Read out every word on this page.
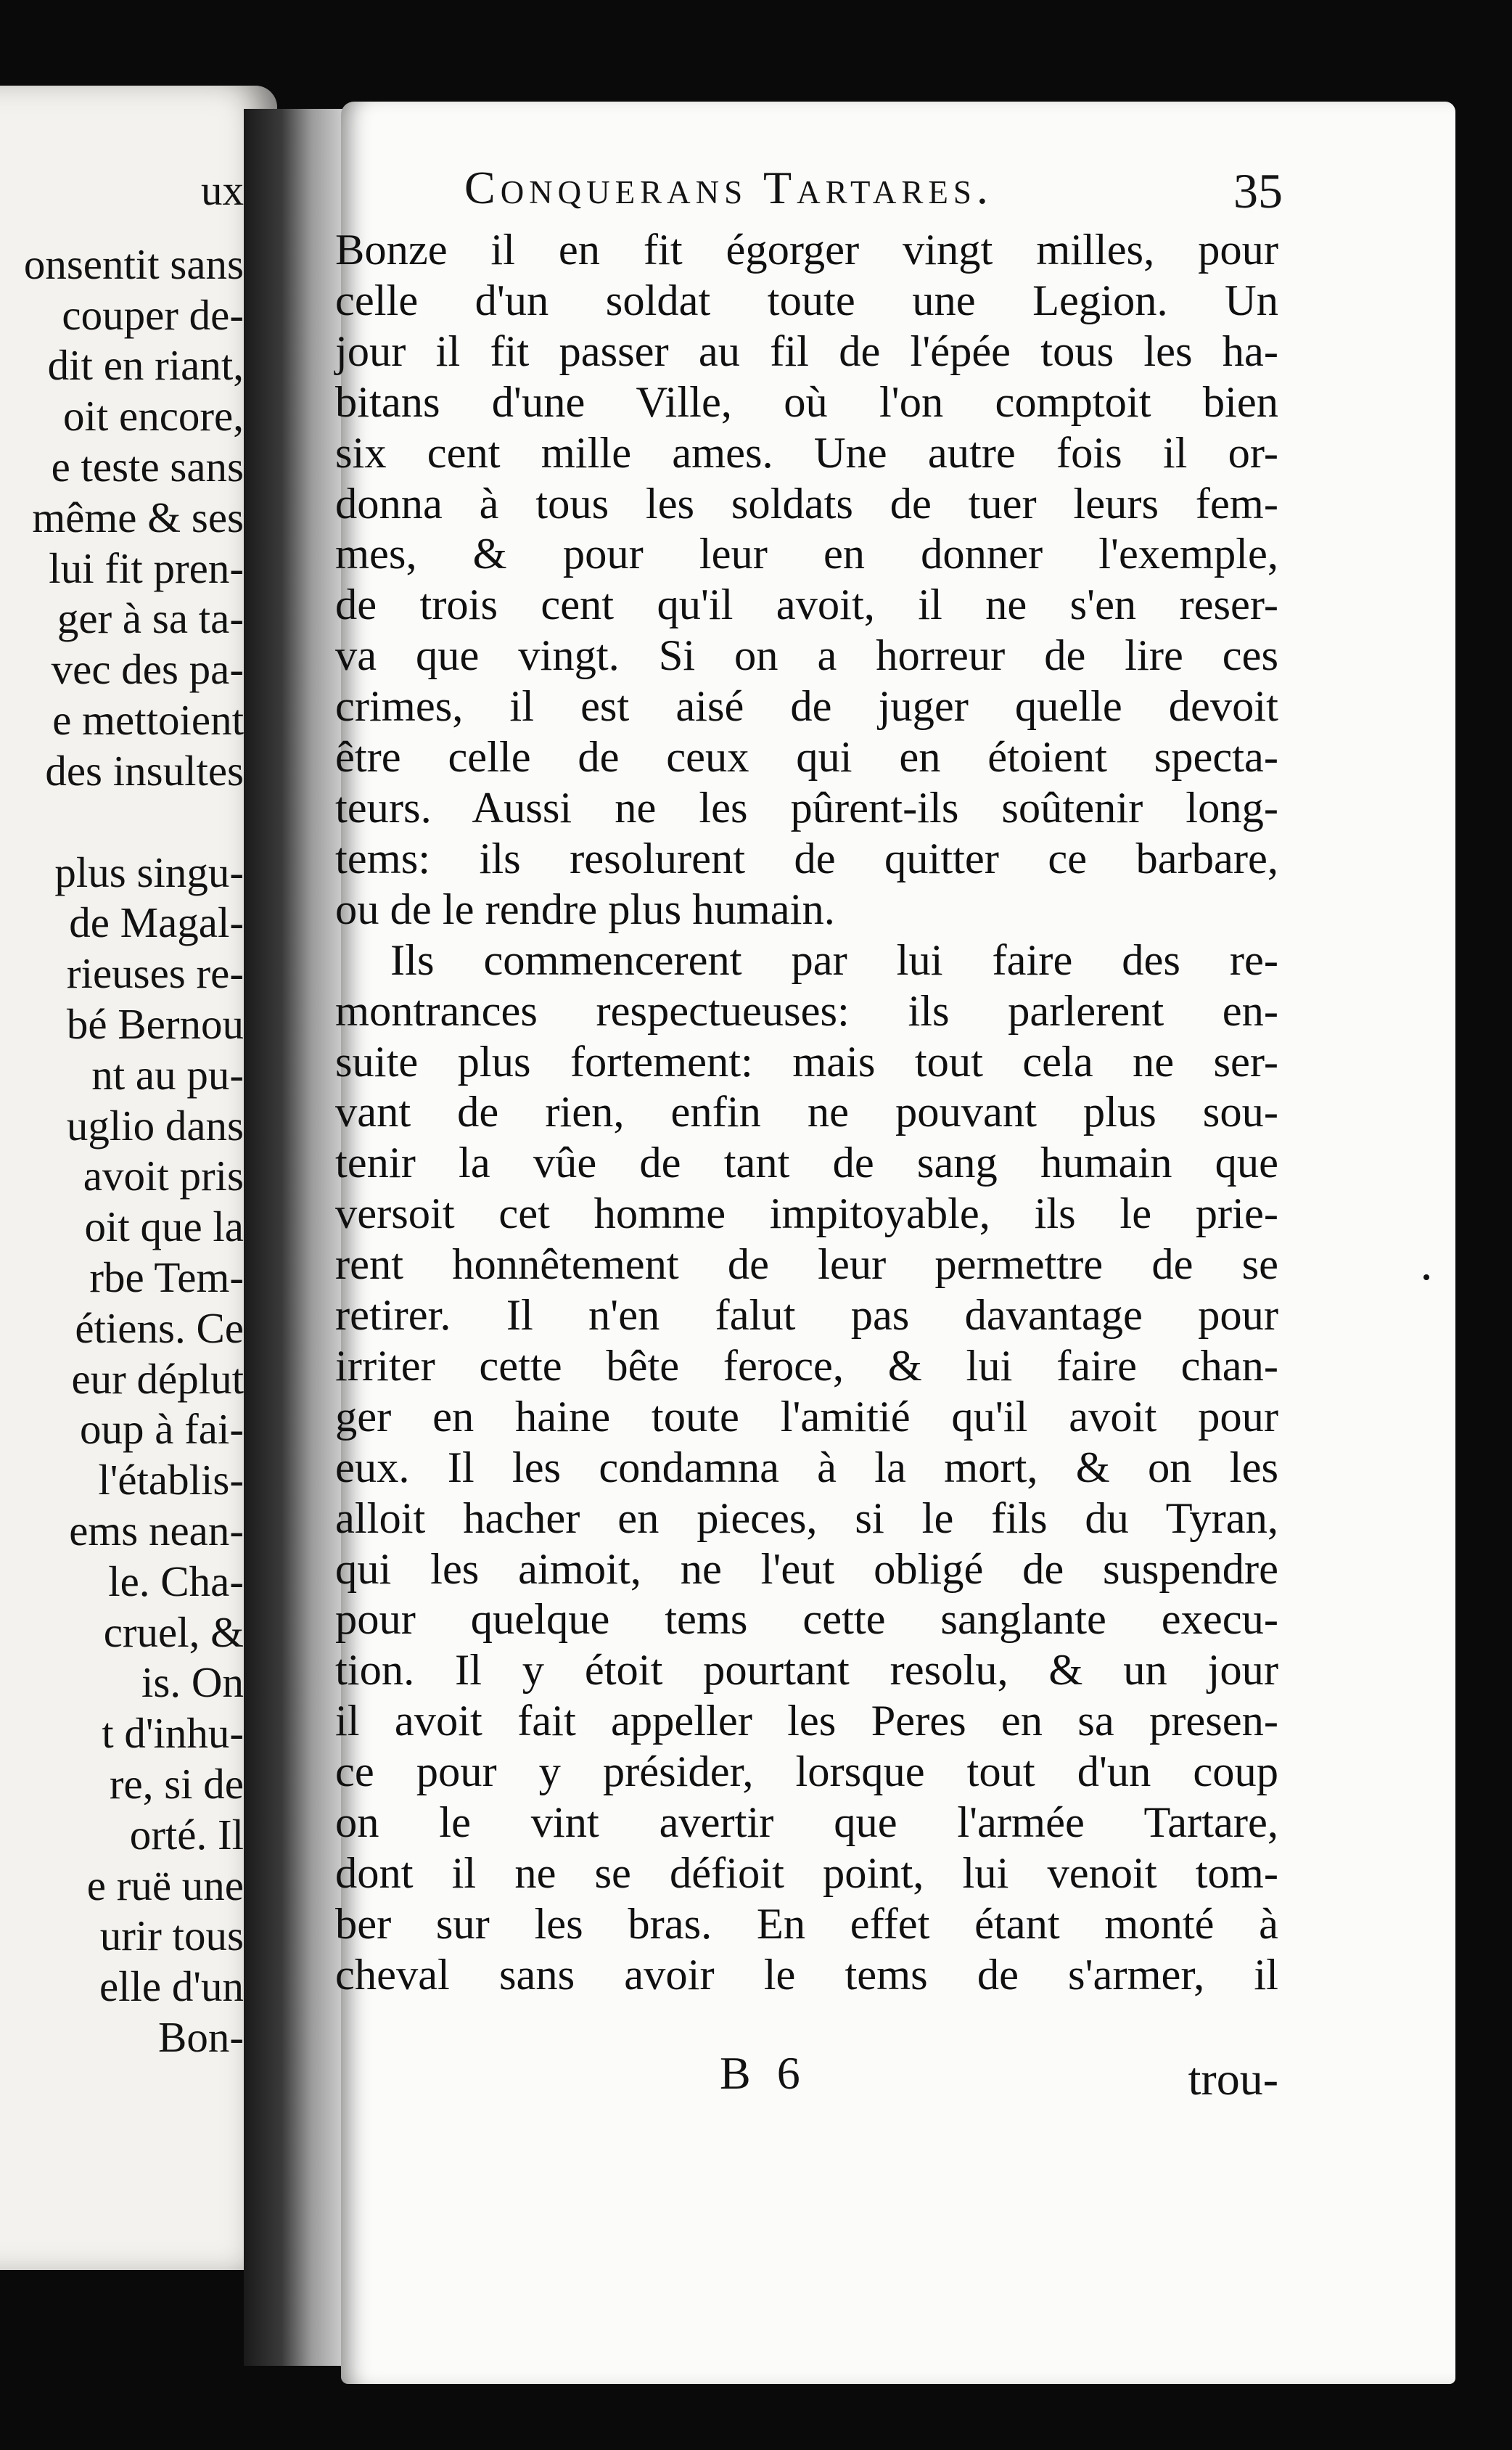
ux
onsentit sans
couper de-
dit en riant,
oit encore,
e teste sans
même & ses
lui fit pren-
ger à sa ta-
vec des pa-
e mettoient
des insultes
plus singu-
de Magal-
rieuses re-
bé Bernou
nt au pu-
uglio dans
avoit pris
oit que la
rbe Tem-
étiens. Ce
eur déplut
oup à fai-
l'établis-
ems nean-
le. Cha-
cruel, &
is. On
t d'inhu-
re, si de
orté. Il
e ruë une
urir tous
elle d'un
Bon-
Conquerans Tartares.	35
Bonze il en fit égorger vingt milles, pour
celle d'un soldat toute une Legion. Un
jour il fit passer au fil de l'épée tous les ha-
bitans d'une Ville, où l'on comptoit bien
six cent mille ames. Une autre fois il or-
donna à tous les soldats de tuer leurs fem-
mes, & pour leur en donner l'exemple,
de trois cent qu'il avoit, il ne s'en reser-
va que vingt. Si on a horreur de lire ces
crimes, il est aisé de juger quelle devoit
être celle de ceux qui en étoient specta-
teurs. Aussi ne les pûrent-ils soûtenir long-
tems: ils resolurent de quitter ce barbare,
ou de le rendre plus humain.
Ils commencerent par lui faire des re-
montrances respectueuses: ils parlerent en-
suite plus fortement: mais tout cela ne ser-
vant de rien, enfin ne pouvant plus sou-
tenir la vûe de tant de sang humain que
versoit cet homme impitoyable, ils le prie-
rent honnêtement de leur permettre de se
retirer. Il n'en falut pas davantage pour
irriter cette bête feroce, & lui faire chan-
ger en haine toute l'amitié qu'il avoit pour
eux. Il les condamna à la mort, & on les
alloit hacher en pieces, si le fils du Tyran,
qui les aimoit, ne l'eut obligé de suspendre
pour quelque tems cette sanglante execu-
tion. Il y étoit pourtant resolu, & un jour
il avoit fait appeller les Peres en sa presen-
ce pour y présider, lorsque tout d'un coup
on le vint avertir que l'armée Tartare,
dont il ne se défioit point, lui venoit tom-
ber sur les bras. En effet étant monté à
cheval sans avoir le tems de s'armer, il
B 6	trou-
